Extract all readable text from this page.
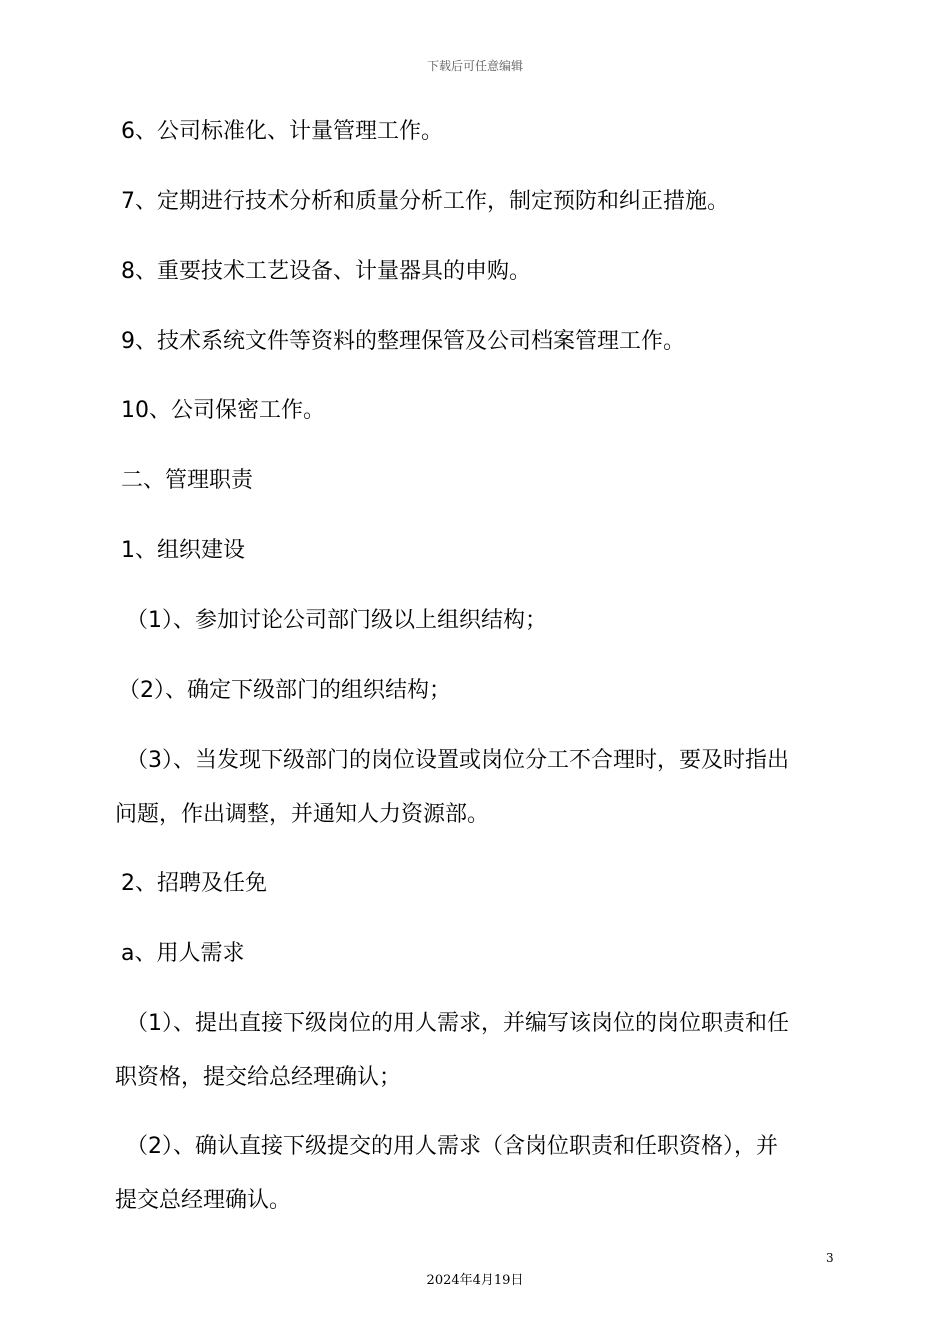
下载后可任意编辑
6、公司标准化、计量管理工作。
7、定期进行技术分析和质量分析工作，制定预防和纠正措施。
8、重要技术工艺设备、计量器具的申购。
9、技术系统文件等资料的整理保管及公司档案管理工作。
10、公司保密工作。
二、管理职责
1、组织建设
（1）、参加讨论公司部门级以上组织结构；
（2）、确定下级部门的组织结构；
（3）、当发现下级部门的岗位设置或岗位分工不合理时，要及时指出
问题，作出调整，并通知人力资源部。
2、招聘及任免
a、用人需求
（1）、提出直接下级岗位的用人需求，并编写该岗位的岗位职责和任
职资格，提交给总经理确认；
（2）、确认直接下级提交的用人需求（含岗位职责和任职资格），并
提交总经理确认。
3
2024年4月19日
